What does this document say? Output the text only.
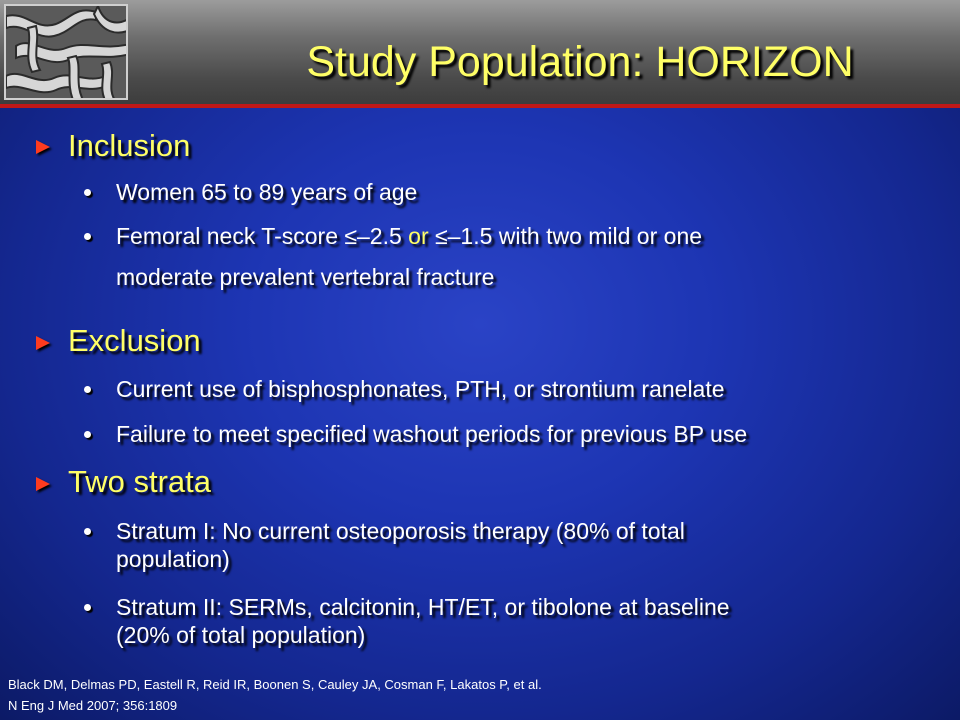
Study Population: HORIZON
Inclusion
Women 65 to 89 years of age
Femoral neck T-score ≤–2.5 or ≤–1.5 with two mild or one
moderate prevalent vertebral fracture
Exclusion
Current use of bisphosphonates, PTH, or strontium ranelate
Failure to meet specified washout periods for previous BP use
Two strata
Stratum I: No current osteoporosis therapy (80% of total
population)
Stratum II: SERMs, calcitonin, HT/ET, or tibolone at baseline
(20% of total population)
Black DM, Delmas PD, Eastell R, Reid IR, Boonen S, Cauley JA, Cosman F, Lakatos P, et al.
N Eng J Med 2007; 356:1809
